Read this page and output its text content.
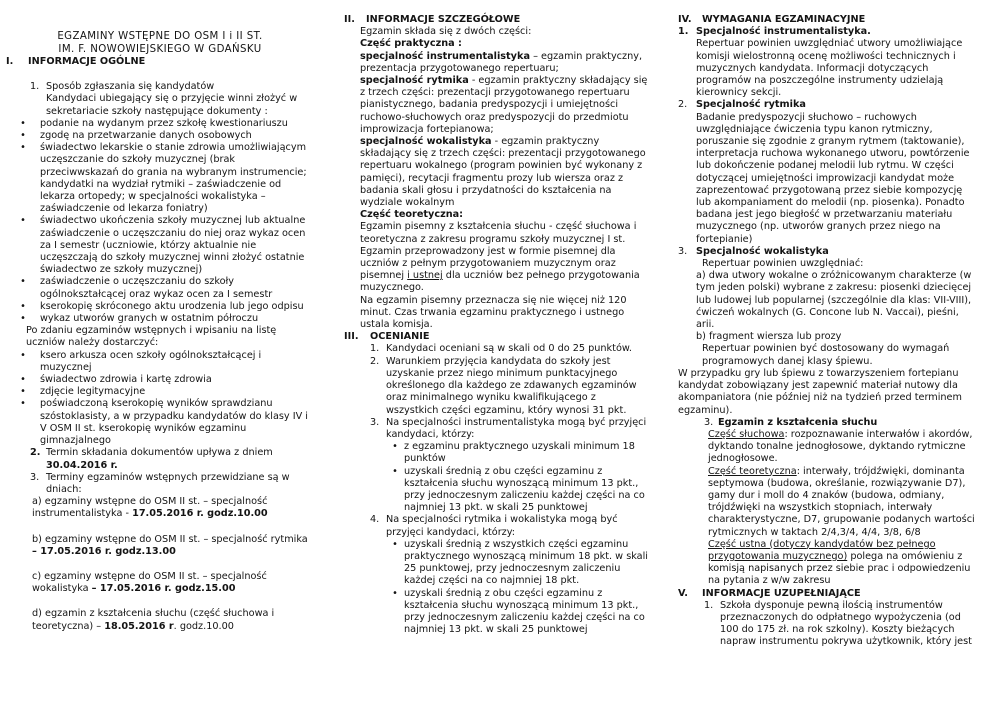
EGZAMINY WSTĘPNE DO OSM I i II ST.
IM. F. NOWOWIEJSKIEGO W GDAŃSKU
I.	INFORMACJE OGÓLNE
1. Sposób zgłaszania się kandydatów
Kandydaci ubiegający się o przyjęcie winni złożyć w sekretariacie szkoły następujące dokumenty :
•	podanie na wydanym przez szkołę kwestionariuszu
•	zgodę na przetwarzanie danych osobowych
•	świadectwo lekarskie o stanie zdrowia umożliwiającym uczęszczanie do szkoły muzycznej (brak przeciwwskazań do grania na wybranym instrumencie; kandydatki na wydział rytmiki – zaświadczenie od lekarza ortopedy; w specjalności wokalistyka – zaświadczenie od lekarza foniatry)
•	świadectwo ukończenia szkoły muzycznej lub aktualne zaświadczenie o uczęszczaniu do niej oraz wykaz ocen za I semestr (uczniowie, którzy aktualnie nie uczęszczają do szkoły muzycznej winni złożyć ostatnie świadectwo ze szkoły muzycznej)
•	zaświadczenie o uczęszczaniu do szkoły ogólnokształcącej oraz wykaz ocen za I semestr
•	kserokopię skróconego aktu urodzenia lub jego odpisu
•	wykaz utworów granych w ostatnim półroczu
Po zdaniu egzaminów wstępnych i wpisaniu na listę uczniów należy dostarczyć:
•	ksero arkusza ocen szkoły ogólnokształcącej i muzycznej
•	świadectwo zdrowia i kartę zdrowia
•	zdjęcie legitymacyjne
•	poświadczoną kserokopię wyników sprawdzianu szóstoklasisty, a w przypadku kandydatów do klasy IV i V OSM II st. kserokopię wyników egzaminu gimnazjalnego
2. Termin składania dokumentów upływa z dniem
30.04.2016 r.
3. Terminy egzaminów wstępnych przewidziane są w dniach:
a) egzaminy wstępne do OSM II st. – specjalność instrumentalistyka - 17.05.2016 r. godz.10.00
b) egzaminy wstępne do OSM II st. – specjalność rytmika – 17.05.2016 r. godz.13.00
c) egzaminy wstępne do OSM II st. – specjalność wokalistyka – 17.05.2016 r. godz.15.00
d) egzamin z kształcenia słuchu (część słuchowa i teoretyczna) – 18.05.2016 r. godz.10.00
II.	INFORMACJE SZCZEGÓŁOWE
Egzamin składa się z dwóch części:
Część praktyczna :
specjalność instrumentalistyka – egzamin praktyczny, prezentacja przygotowanego repertuaru;
specjalność rytmika - egzamin praktyczny składający się z trzech części: prezentacji przygotowanego repertuaru pianistycznego, badania predyspozycji i umiejętności ruchowo-słuchowych oraz predyspozycji do przedmiotu improwizacja fortepianowa;
specjalność wokalistyka - egzamin praktyczny składający się z trzech części: prezentacji przygotowanego repertuaru wokalnego (program powinien być wykonany z pamięci), recytacji fragmentu prozy lub wiersza oraz z badania skali głosu i przydatności do kształcenia na wydziale wokalnym
Część teoretyczna:
Egzamin pisemny z kształcenia słuchu - część słuchowa i teoretyczna z zakresu programu szkoły muzycznej I st. Egzamin przeprowadzony jest w formie pisemnej dla uczniów z pełnym przygotowaniem muzycznym oraz pisemnej i ustnej dla uczniów bez pełnego przygotowania muzycznego.
Na egzamin pisemny przeznacza się nie więcej niż 120 minut. Czas trwania egzaminu praktycznego i ustnego ustala komisja.
III.	OCENIANIE
1. Kandydaci oceniani są w skali od 0 do 25 punktów.
2. Warunkiem przyjęcia kandydata do szkoły jest uzyskanie przez niego minimum punktacyjnego określonego dla każdego ze zdawanych egzaminów oraz minimalnego wyniku kwalifikującego z wszystkich części egzaminu, który wynosi 31 pkt.
3. Na specjalności instrumentalistyka mogą być przyjęci kandydaci, którzy:
• z egzaminu praktycznego uzyskali minimum 18 punktów
• uzyskali średnią z obu części egzaminu z kształcenia słuchu wynoszącą minimum 13 pkt., przy jednoczesnym zaliczeniu każdej części na co najmniej 13 pkt. w skali 25 punktowej
4. Na specjalności rytmika i wokalistyka mogą być przyjęci kandydaci, którzy:
• uzyskali średnią z wszystkich części egzaminu praktycznego wynoszącą minimum 18 pkt. w skali 25 punktowej, przy jednoczesnym zaliczeniu każdej części na co najmniej 18 pkt.
• uzyskali średnią z obu części egzaminu z kształcenia słuchu wynoszącą minimum 13 pkt., przy jednoczesnym zaliczeniu każdej części na co najmniej 13 pkt. w skali 25 punktowej
IV.	WYMAGANIA EGZAMINACYJNE
1. Specjalność instrumentalistyka.
Repertuar powinien uwzględniać utwory umożliwiające komisji wielostronną ocenę możliwości technicznych i muzycznych kandydata. Informacji dotyczących programów na poszczególne instrumenty udzielają kierownicy sekcji.
2. Specjalność rytmika
Badanie predyspozycji słuchowo – ruchowych uwzględniające ćwiczenia typu kanon rytmiczny, poruszanie się zgodnie z granym rytmem (taktowanie), interpretacja ruchowa wykonanego utworu, powtórzenie lub dokończenie podanej melodii lub rytmu. W części dotyczącej umiejętności improwizacji kandydat może zaprezentować przygotowaną przez siebie kompozycję lub akompaniament do melodii (np. piosenka). Ponadto badana jest jego biegłość w przetwarzaniu materiału muzycznego (np. utworów granych przez niego na fortepianie)
3. Specjalność wokalistyka
Repertuar powinien uwzględniać:
a) dwa utwory wokalne o zróżnicowanym charakterze (w tym jeden polski) wybrane z zakresu: piosenki dziecięcej lub ludowej lub popularnej (szczególnie dla klas: VII-VIII), ćwiczeń wokalnych (G. Concone lub N. Vaccai), pieśni, arii.
b) fragment wiersza lub prozy
Repertuar powinien być dostosowany do wymagań programowych danej klasy śpiewu.
W przypadku gry lub śpiewu z towarzyszeniem fortepianu kandydat zobowiązany jest zapewnić materiał nutowy dla akompaniatora (nie później niż na tydzień przed terminem egzaminu).
3. Egzamin z kształcenia słuchu
Część słuchowa: rozpoznawanie interwałów i akordów, dyktando tonalne jednogłosowe, dyktando rytmiczne jednogłosowe.
Część teoretyczna: interwały, trójdźwięki, dominanta septymowa (budowa, określanie, rozwiązywanie D7), gamy dur i moll do 4 znaków (budowa, odmiany, trójdźwięki na wszystkich stopniach, interwały charakterystyczne, D7, grupowanie podanych wartości rytmicznych w taktach 2/4,3/4, 4/4, 3/8, 6/8
Część ustna (dotyczy kandydatów bez pełnego przygotowania muzycznego) polega na omówieniu z komisją napisanych przez siebie prac i odpowiedzeniu na pytania z w/w zakresu
V.	INFORMACJE UZUPEŁNIAJĄCE
1. Szkoła dysponuje pewną ilością instrumentów przeznaczonych do odpłatnego wypożyczenia (od 100 do 175 zł. na rok szkolny). Koszty bieżących napraw instrumentu pokrywa użytkownik, który jest
